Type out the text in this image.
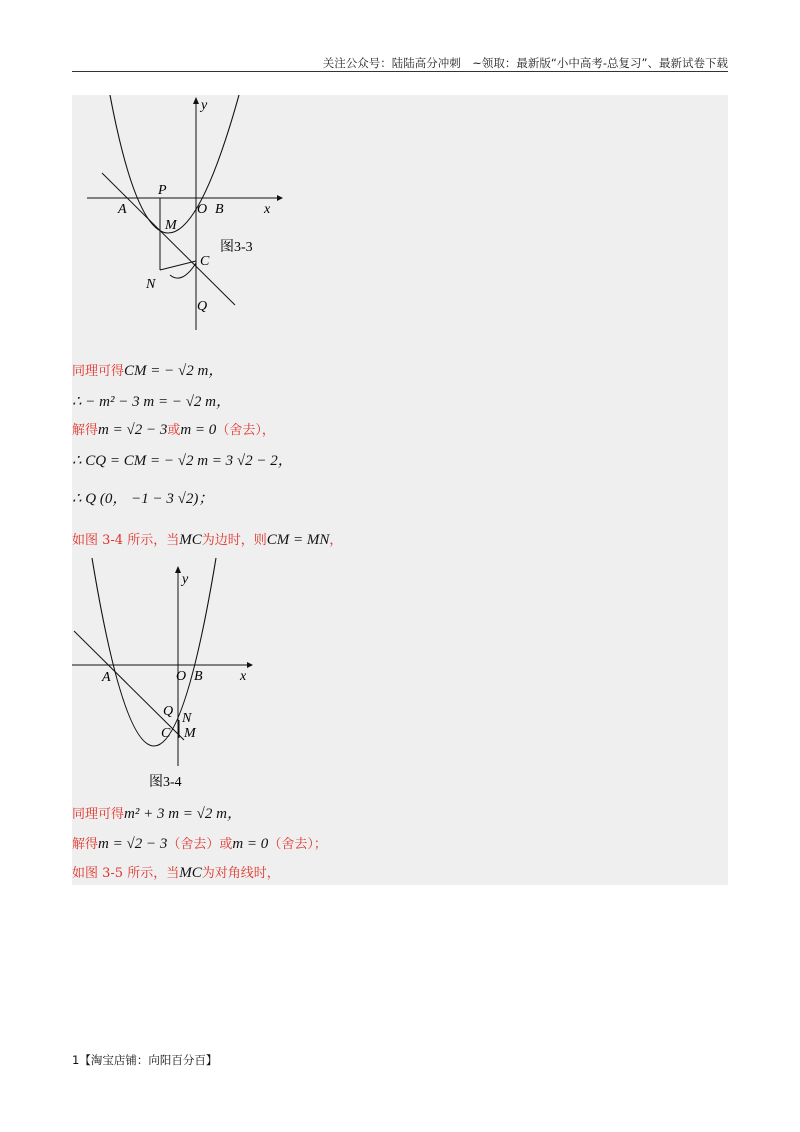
关注公众号：陆陆高分冲刺　~领取：最新版“小中高考-总复习”、最新试卷下载
y
x
P
A	O B
M
C
N
Q
图3-3
同理可得CM = − √2 m，
∴ − m² − 3 m = − √2 m，
解得m = √2 − 3或m = 0（舍去），
∴ CQ = CM = − √2 m = 3 √2 − 2，
∴ Q (0， −1 − 3 √2)；
如图 3-4 所示，当MC为边时，则CM = MN，
y
x
A	O B
Q N
C M
图3-4
同理可得m² + 3 m = √2 m，
解得m = √2 − 3（舍去）或m = 0（舍去）；
如图 3-5 所示，当MC为对角线时，
1【淘宝店铺：向阳百分百】
